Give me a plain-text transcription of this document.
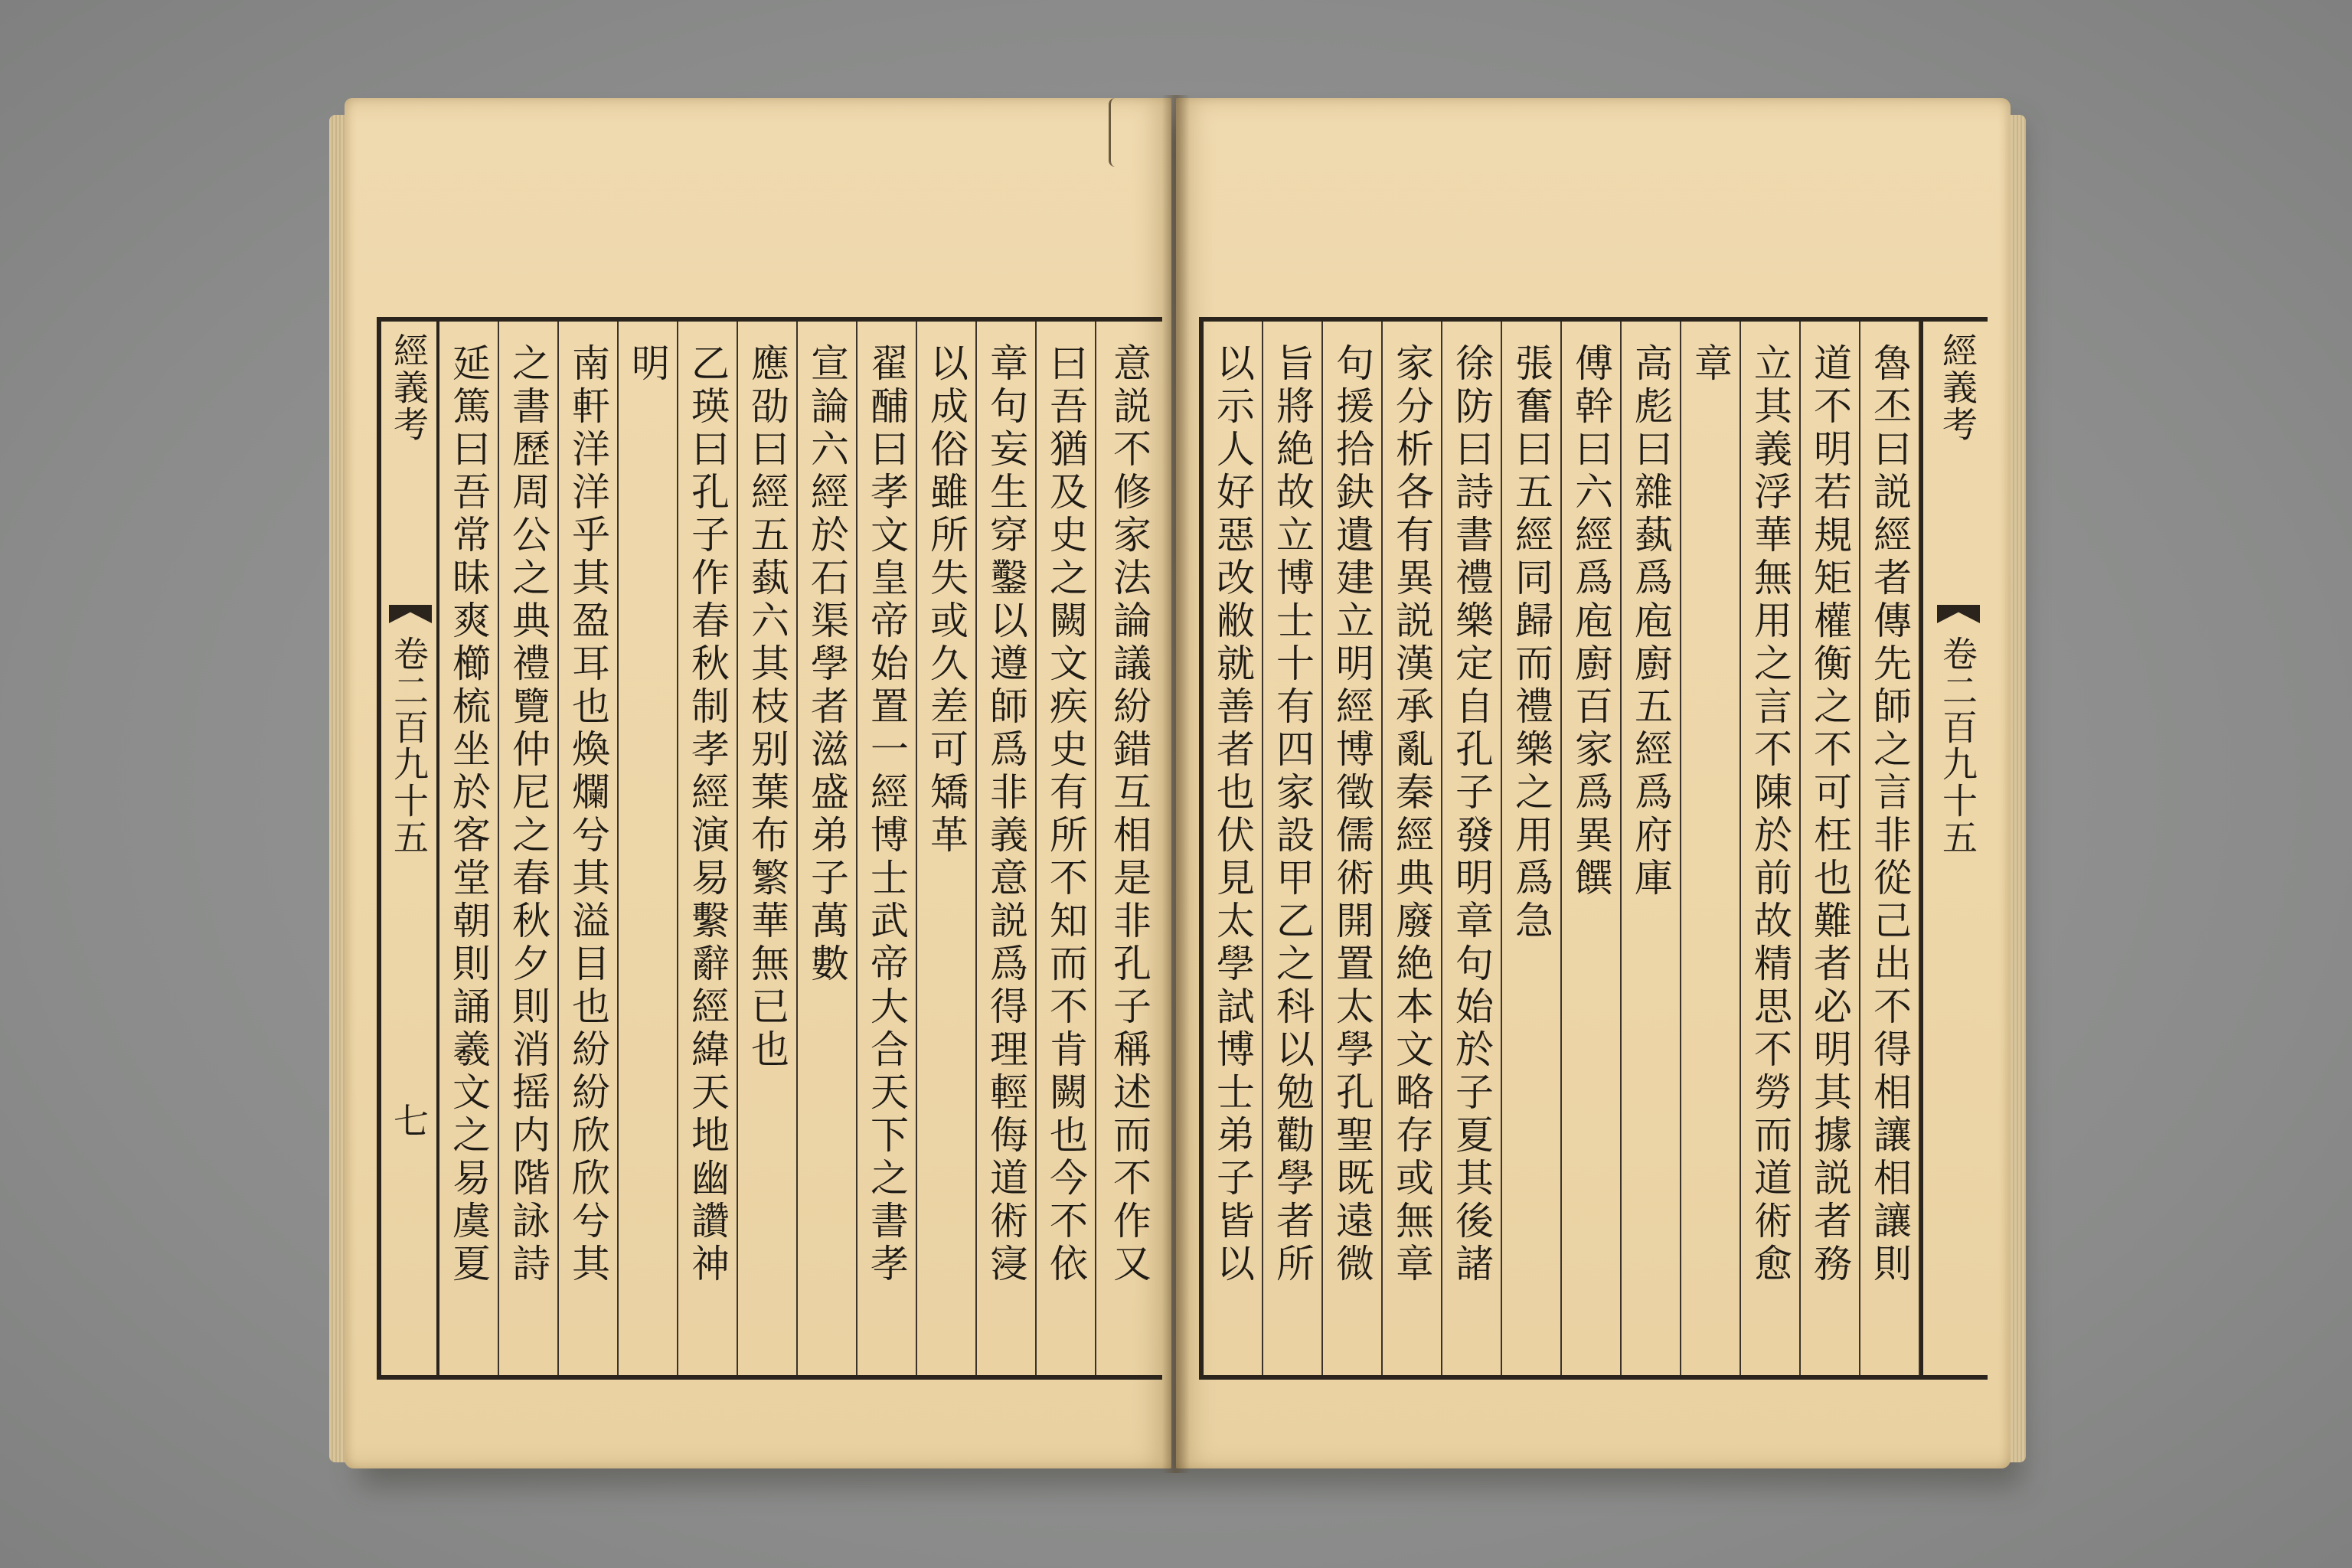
經義考
卷二百九十五
七 延篤曰吾常昧爽櫛梳坐於客堂朝則誦羲文之易虞夏 之書歷周公之典禮覽仲尼之春秋夕則消摇内階詠詩 南軒洋洋乎其盈耳也煥爛兮其溢目也紛紛欣欣兮其 明 乙瑛曰孔子作春秋制孝經演易繫辭經緯天地幽讚神 應劭曰經五蓺六其枝别葉布繁華無已也 宣論六經於石渠學者滋盛弟子萬數 翟酺曰孝文皇帝始置一經博士武帝大合天下之書孝 以成俗雖所失或久差可矯革 章句妄生穿鑿以遵師爲非義意説爲得理輕侮道術寖 曰吾猶及史之闕文疾史有所不知而不肯闕也今不依 意説不修家法論議紛錯互相是非孔子稱述而不作又 以示人好惡改敝就善者也伏見太學試博士弟子皆以 旨將絶故立博士十有四家設甲乙之科以勉勸學者所 句援拾鈌遺建立明經博徵儒術開置太學孔聖既遠微 家分析各有異説漢承亂秦經典廢絶本文略存或無章 徐防曰詩書禮樂定自孔子發明章句始於子夏其後諸 張奮曰五經同歸而禮樂之用爲急 傅幹曰六經爲庖廚百家爲異饌 高彪曰雜蓺爲庖廚五經爲府庫 章 立其義浮華無用之言不陳於前故精思不勞而道術愈 道不明若規矩權衡之不可枉也難者必明其據説者務 魯丕曰説經者傳先師之言非從己出不得相讓相讓則 經義考
卷二百九十五
